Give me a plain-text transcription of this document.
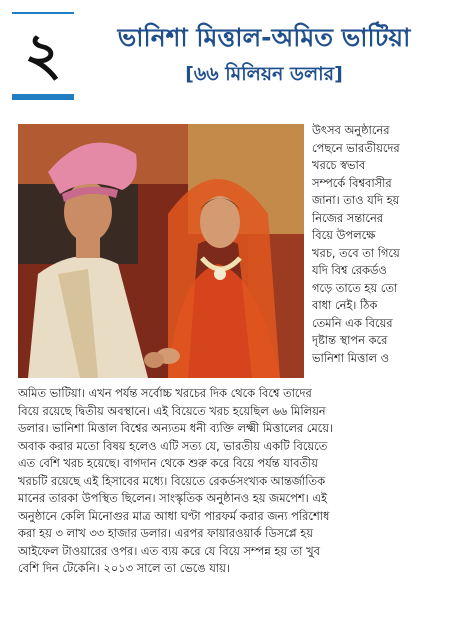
২	ভানিশা মিত্তাল-অমিত ভাটিয়া
[৬৬ মিলিয়ন ডলার]
উৎসব অনুষ্ঠানের
পেছনে ভারতীয়দের
খরচে স্বভাব
সম্পর্কে বিশ্ববাসীর
জানা। তাও যদি হয়
নিজের সন্তানের
বিয়ে উপলক্ষে
খরচ, তবে তা গিয়ে
যদি বিশ্ব রেকর্ডও
গড়ে তাতে হয় তো
বাধা নেই। ঠিক
তেমনি এক বিয়ের
দৃষ্টান্ত স্থাপন করে
ভানিশা মিত্তাল ও
অমিত ভাটিয়া। এখন পর্যন্ত সর্বোচ্চ খরচের দিক থেকে বিশ্বে তাদের
বিয়ে রয়েছে দ্বিতীয় অবস্থানে। এই বিয়েতে খরচ হয়েছিল ৬৬ মিলিয়ন
ডলার। ভানিশা মিত্তাল বিশ্বের অন্যতম ধনী ব্যক্তি লক্ষ্মী মিত্তালের মেয়ে।
অবাক করার মতো বিষয় হলেও এটি সত্য যে, ভারতীয় একটি বিয়েতে
এত বেশি খরচ হয়েছে। বাগদান থেকে শুরু করে বিয়ে পর্যন্ত যাবতীয়
খরচটি রয়েছে এই হিসাবের মধ্যে। বিয়েতে রেকর্ডসংখ্যক আন্তর্জাতিক
মানের তারকা উপস্থিত ছিলেন। সাংস্কৃতিক অনুষ্ঠানও হয় জমপেশ। এই
অনুষ্ঠানে কেলি মিনোগুর মাত্র আধা ঘণ্টা পারফর্ম করার জন্য পরিশোধ
করা হয় ৩ লাখ ৩৩ হাজার ডলার। এরপর ফায়ারওয়ার্ক ডিসপ্লে হয়
আইফেল টাওয়ারের ওপর। এত ব্যয় করে যে বিয়ে সম্পন্ন হয় তা খুব
বেশি দিন টেকেনি। ২০১৩ সালে তা ভেঙে যায়।
